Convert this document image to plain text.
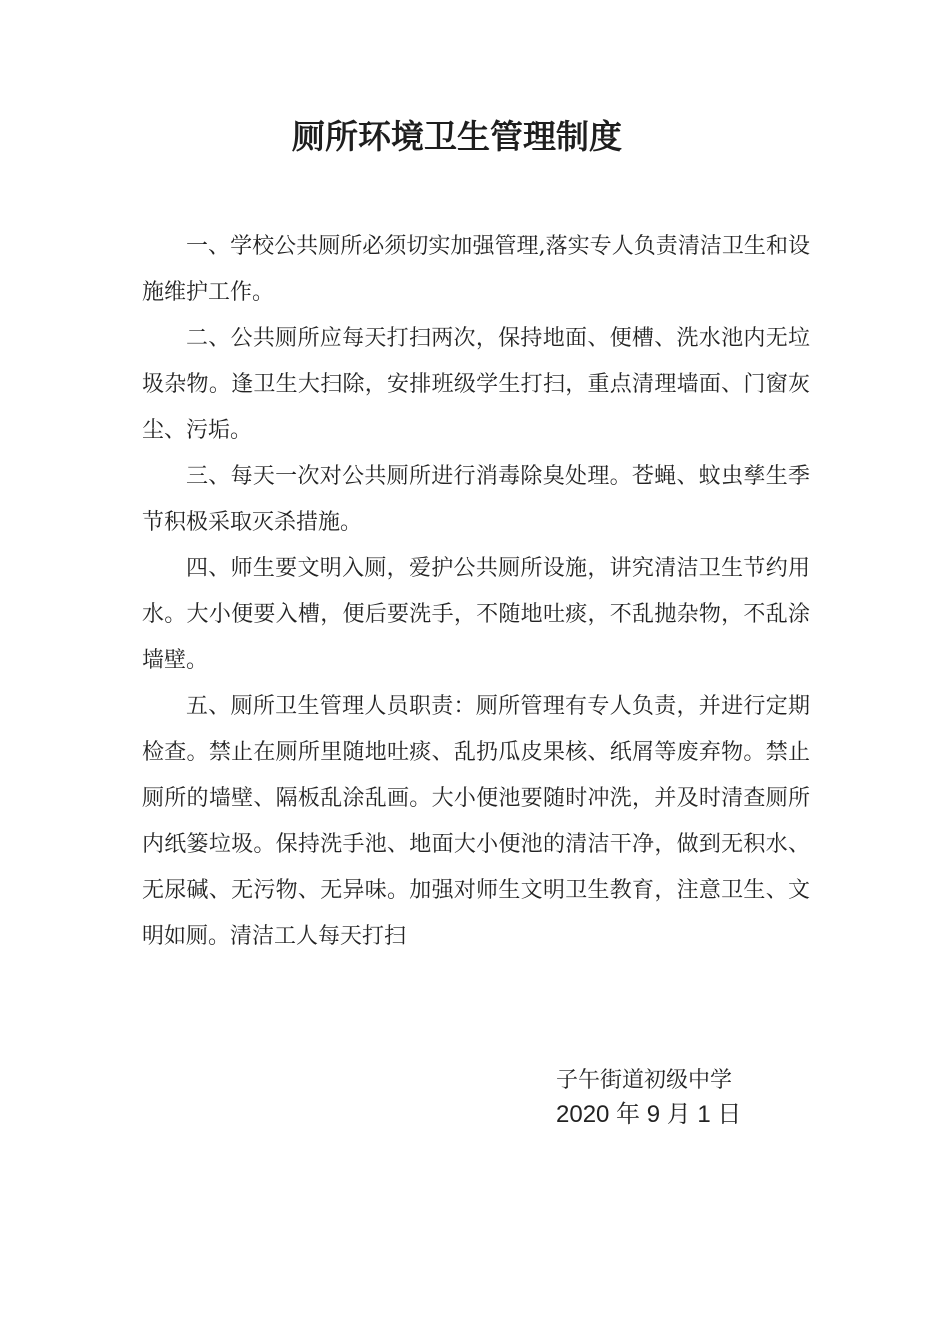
厕所环境卫生管理制度

一、学校公共厕所必须切实加强管理,落实专人负责清洁卫生和设施维护工作。

二、公共厕所应每天打扫两次，保持地面、便槽、洗水池内无垃圾杂物。逢卫生大扫除，安排班级学生打扫，重点清理墙面、门窗灰尘、污垢。

三、每天一次对公共厕所进行消毒除臭处理。苍蝇、蚊虫孳生季节积极采取灭杀措施。

四、师生要文明入厕，爱护公共厕所设施，讲究清洁卫生节约用水。大小便要入槽，便后要洗手，不随地吐痰，不乱抛杂物，不乱涂墙壁。

五、厕所卫生管理人员职责：厕所管理有专人负责，并进行定期检查。禁止在厕所里随地吐痰、乱扔瓜皮果核、纸屑等废弃物。禁止厕所的墙壁、隔板乱涂乱画。大小便池要随时冲洗，并及时清查厕所内纸篓垃圾。保持洗手池、地面大小便池的清洁干净，做到无积水、无尿碱、无污物、无异味。加强对师生文明卫生教育，注意卫生、文明如厕。清洁工人每天打扫

子午街道初级中学
2020 年 9 月 1 日
